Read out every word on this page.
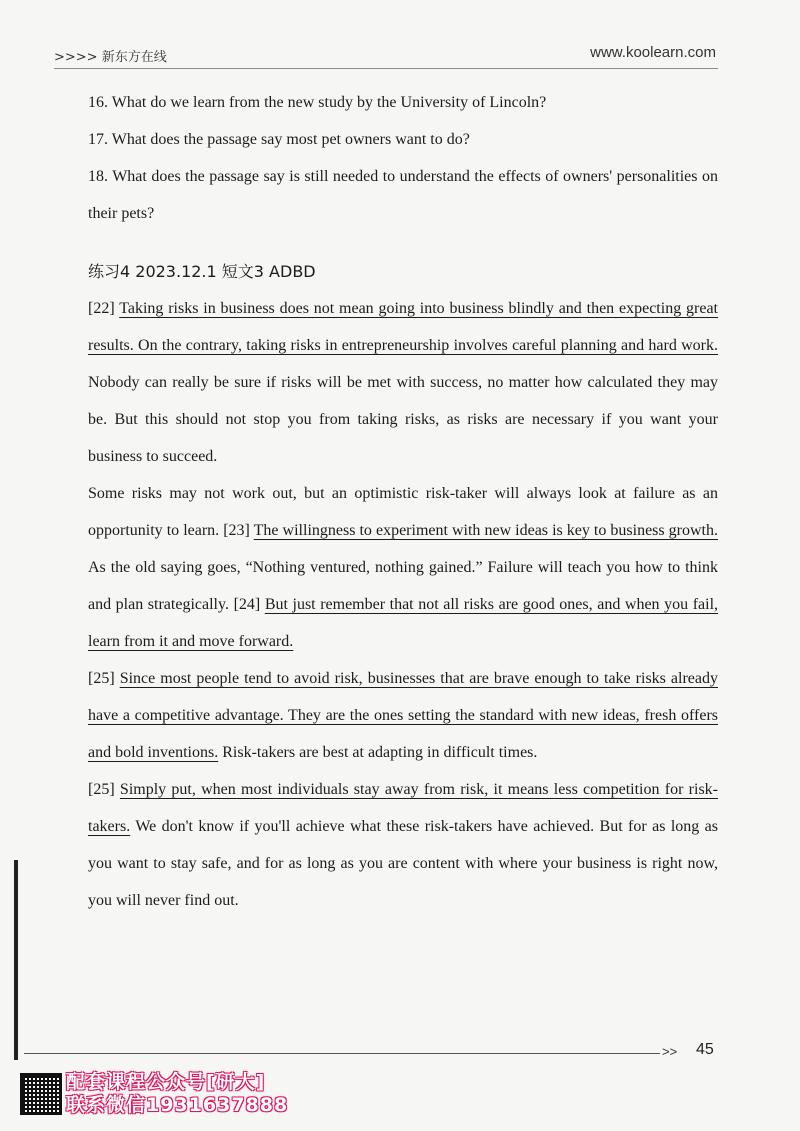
>>>> 新东方在线	www.koolearn.com

16. What do we learn from the new study by the University of Lincoln?

17. What does the passage say most pet owners want to do?

18. What does the passage say is still needed to understand the effects of owners' personalities on their pets?

练习4 2023.12.1 短文3 ADBD

[22] Taking risks in business does not mean going into business blindly and then expecting great results. On the contrary, taking risks in entrepreneurship involves careful planning and hard work. Nobody can really be sure if risks will be met with success, no matter how calculated they may be. But this should not stop you from taking risks, as risks are necessary if you want your business to succeed.

Some risks may not work out, but an optimistic risk-taker will always look at failure as an opportunity to learn. [23] The willingness to experiment with new ideas is key to business growth. As the old saying goes, “Nothing ventured, nothing gained.” Failure will teach you how to think and plan strategically. [24] But just remember that not all risks are good ones, and when you fail, learn from it and move forward.

[25] Since most people tend to avoid risk, businesses that are brave enough to take risks already have a competitive advantage. They are the ones setting the standard with new ideas, fresh offers and bold inventions. Risk-takers are best at adapting in difficult times.

[25] Simply put, when most individuals stay away from risk, it means less competition for risk-takers. We don't know if you'll achieve what these risk-takers have achieved. But for as long as you want to stay safe, and for as long as you are content with where your business is right now, you will never find out.

>> 45
配套课程公众号[研大]
联系微信1931637888
